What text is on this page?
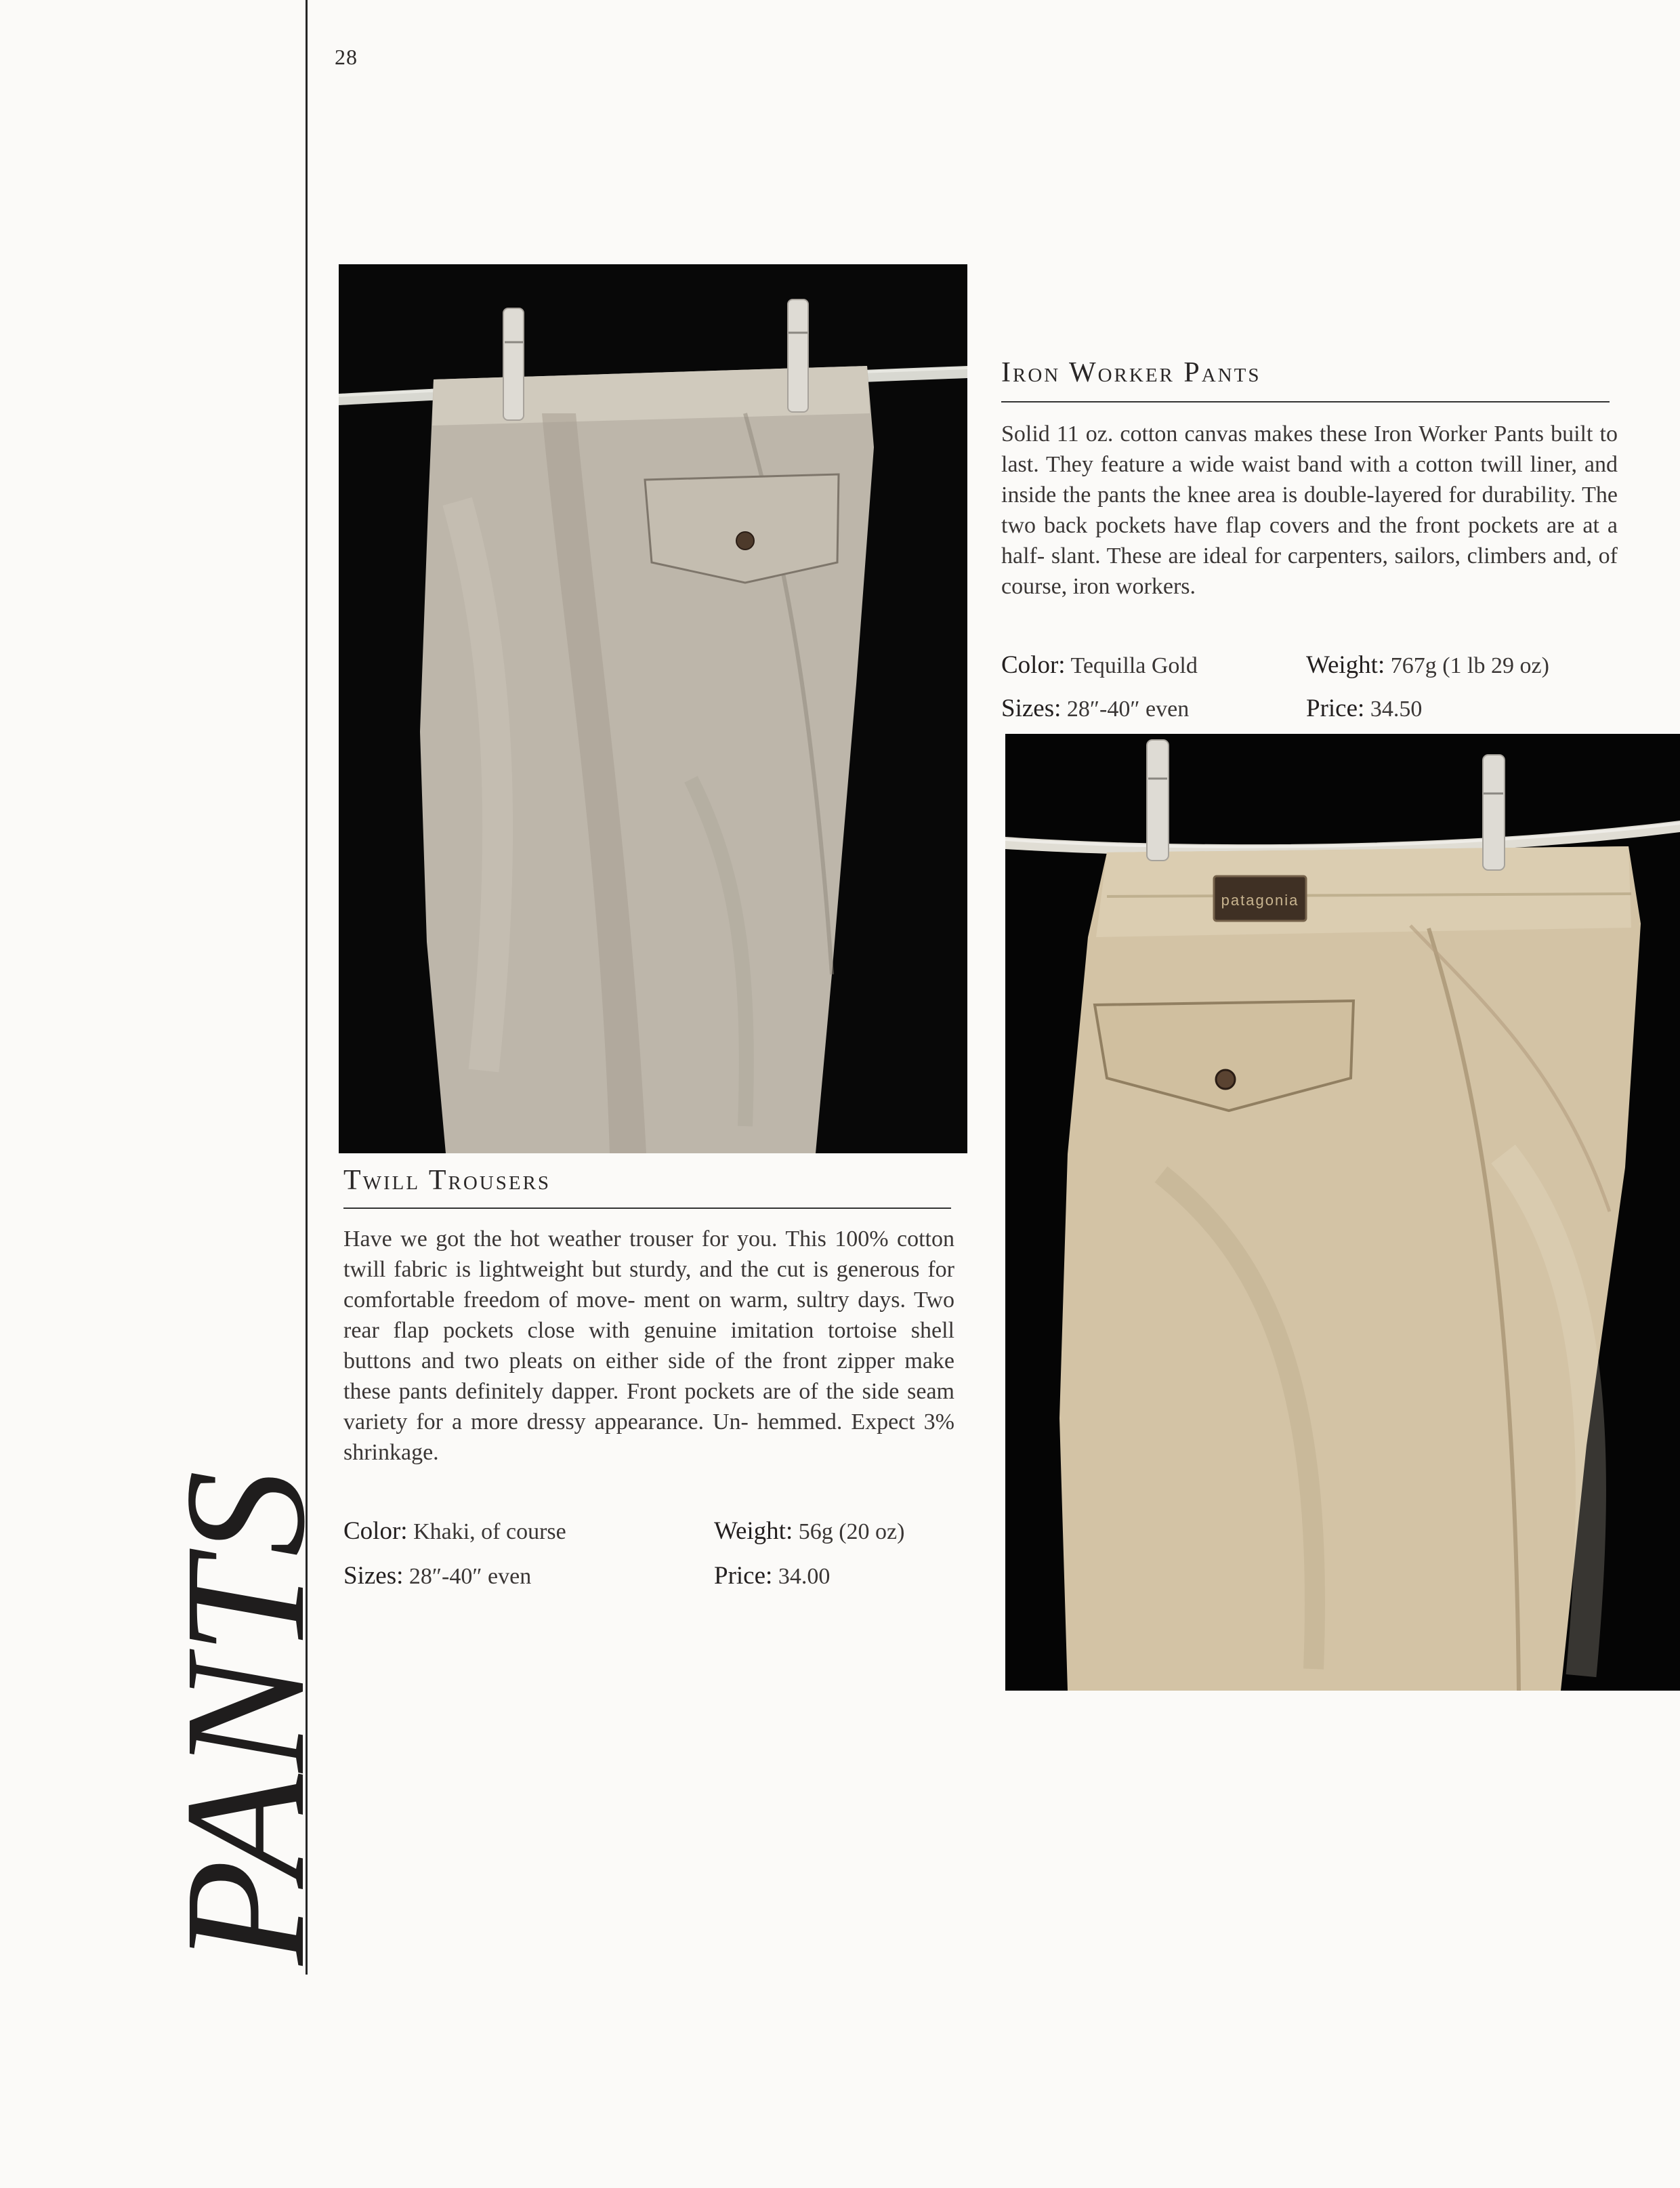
28
PANTS
Twill Trousers

Have we got the hot weather trouser for you. This 100% cotton twill fabric is lightweight but sturdy, and the cut is generous for comfortable freedom of move- ment on warm, sultry days. Two rear flap pockets close with genuine imitation tortoise shell buttons and two pleats on either side of the front zipper make these pants definitely dapper. Front pockets are of the side seam variety for a more dressy appearance. Un- hemmed. Expect 3% shrinkage.

Color: Khaki, of course	Weight: 56g (20 oz)
Sizes: 28″-40″ even	Price: 34.00
Iron Worker Pants

Solid 11 oz. cotton canvas makes these Iron Worker Pants built to last. They feature a wide waist band with a cotton twill liner, and inside the pants the knee area is double-layered for durability. The two back pockets have flap covers and the front pockets are at a half- slant. These are ideal for carpenters, sailors, climbers and, of course, iron workers.

Color: Tequilla Gold	Weight: 767g (1 lb 29 oz)
Sizes: 28″-40″ even	Price: 34.50
patagonia
